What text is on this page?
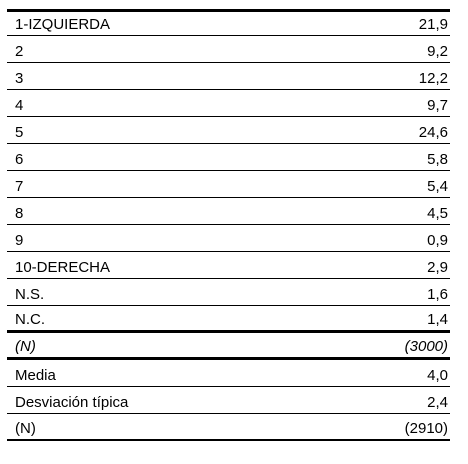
1-IZQUIERDA	21,9
2	9,2
3	12,2
4	9,7
5	24,6
6	5,8
7	5,4
8	4,5
9	0,9
10-DERECHA	2,9
N.S.	1,6
N.C.	1,4
(N)	(3000)
Media	4,0
Desviación típica	2,4
(N)	(2910)
